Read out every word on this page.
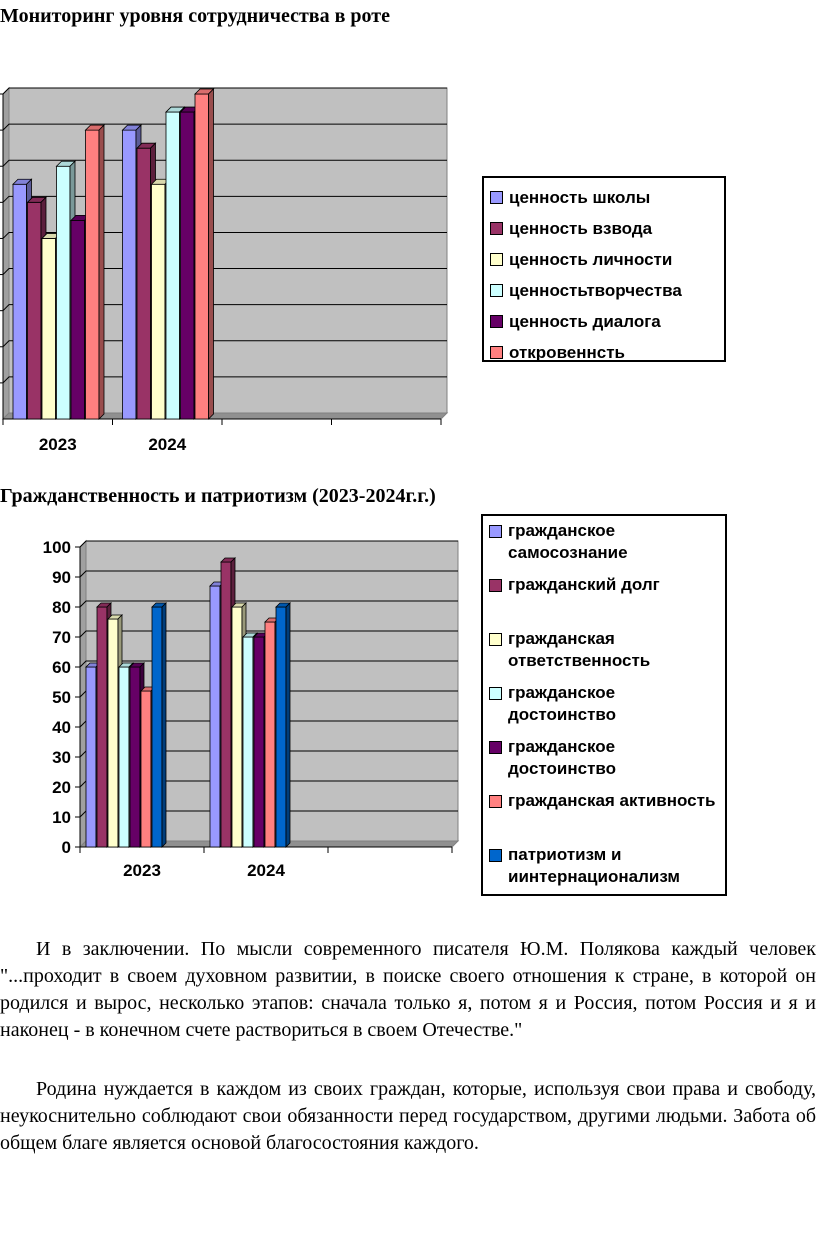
Мониторинг уровня сотрудничества в роте
2023	2024
ценность школы
ценность взвода
ценность личности
ценностьтворчества
ценность диалога
откровеннсть
Гражданственность и патриотизм (2023-2024г.г.)
0
10
20
30
40
50
60
70
80
90
100
2023	2024
гражданское самосознание
гражданский долг
гражданская ответственность
гражданское достоинство
гражданское достоинство
гражданская активность
патриотизм и иинтернационализм

И в заключении. По мысли современного писателя Ю.М. Полякова каждый человек "...проходит в своем духовном развитии, в поиске своего отношения к стране, в которой он родился и вырос, несколько этапов: сначала только я, потом я и Россия, потом Россия и я и наконец - в конечном счете раствориться в своем Отечестве."

Родина нуждается в каждом из своих граждан, которые, используя свои права и свободу, неукоснительно соблюдают свои обязанности перед государством, другими людьми. Забота об общем благе является основой благосостояния каждого.
